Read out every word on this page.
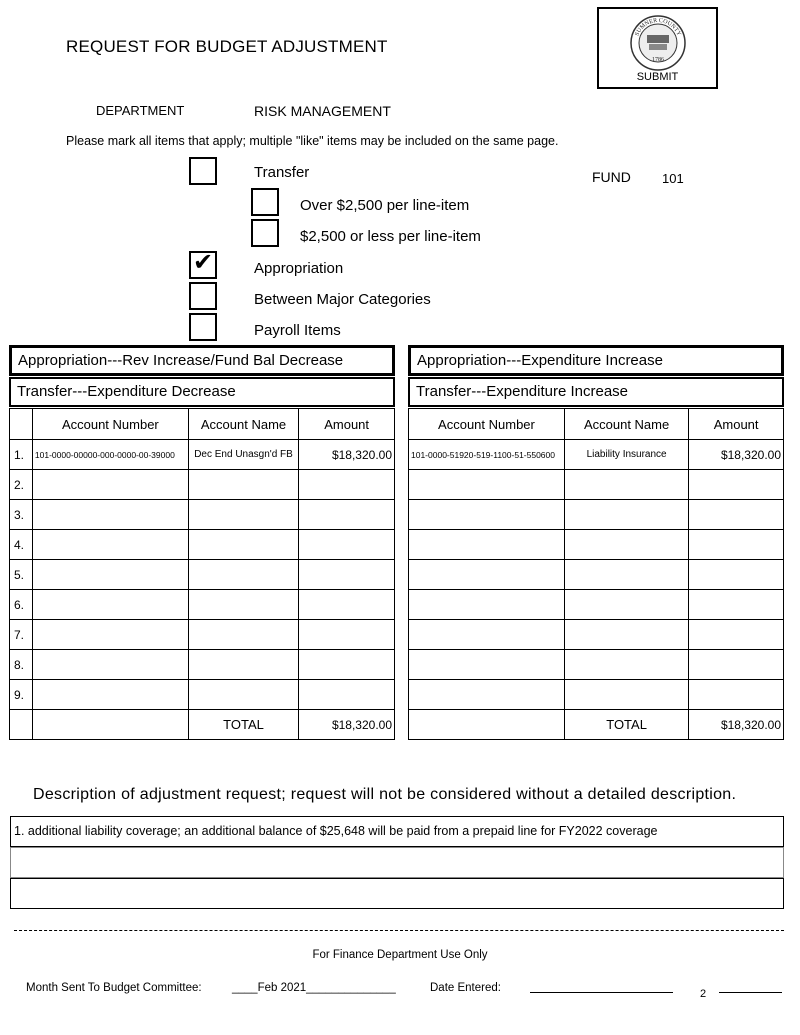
REQUEST FOR BUDGET ADJUSTMENT
SUMNER COUNTY
1786
SUBMIT
DEPARTMENT	RISK MANAGEMENT
Please mark all items that apply; multiple "like" items may be included on the same page.
Transfer	FUND 101
Over $2,500 per line-item
$2,500 or less per line-item
✔	Appropriation
Between Major Categories
Payroll Items
Appropriation---Rev Increase/Fund Bal Decrease
Transfer---Expenditure Decrease
Appropriation---Expenditure Increase
Transfer---Expenditure Increase
	Account Number	Account Name	Amount
1.	101-0000-00000-000-0000-00-39000	Dec End Unasgn'd FB	$18,320.00
2.			
3.			
4.			
5.			
6.			
7.			
8.			
9.			
		TOTAL	$18,320.00
Account Number	Account Name	Amount
101-0000-51920-519-1100-51-550600	Liability Insurance	$18,320.00

	TOTAL	$18,320.00
Description of adjustment request; request will not be considered without a detailed description.
1. additional liability coverage; an additional balance of $25,648 will be paid from a prepaid line for FY2022 coverage
For Finance Department Use Only
Month Sent To Budget Committee:	____Feb 2021______________	Date Entered:	2
